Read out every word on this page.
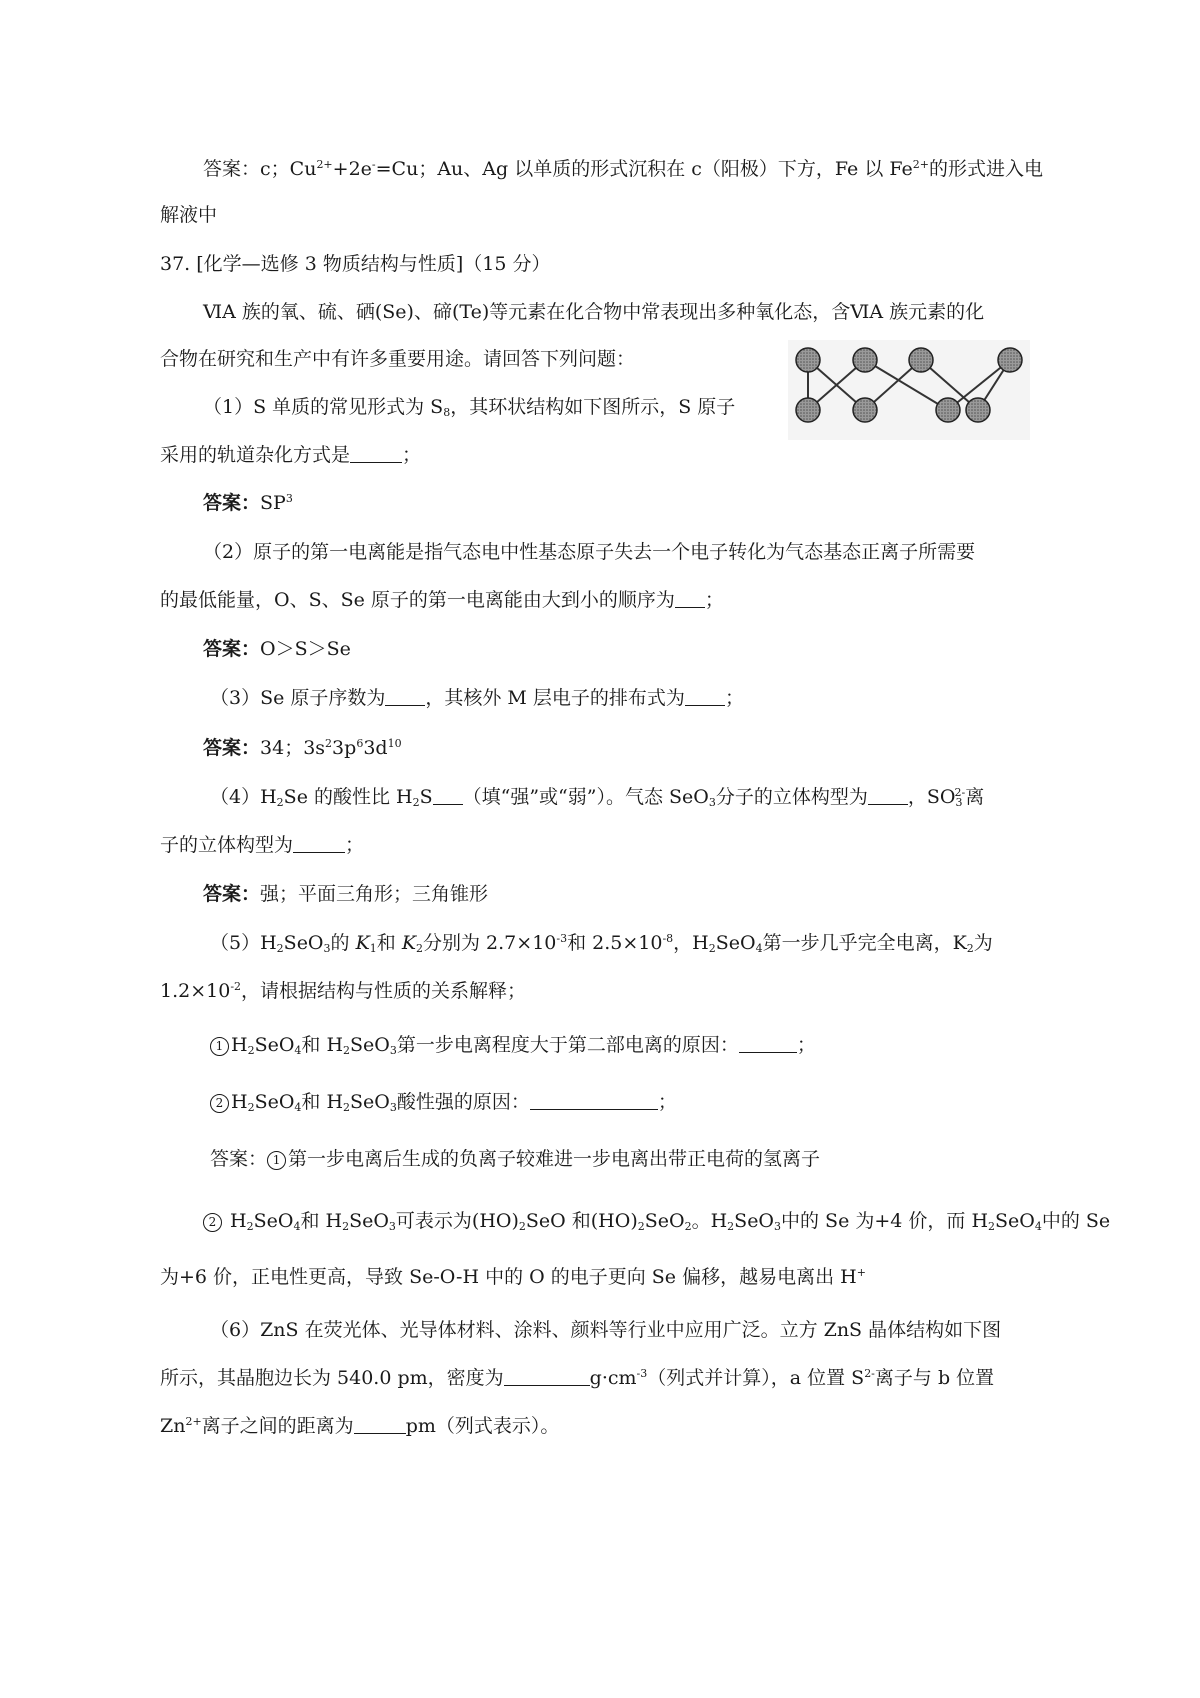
答案：c；$Cu^{2+}+2e^-=Cu$；Au、Ag 以单质的形式沉积在 c（阳极）下方，Fe 以 $Fe^{2+}$的形式进入电
解液中
37. [化学—选修 3 物质结构与性质]（15 分）
ⅥA 族的氧、硫、硒(Se)、碲(Te)等元素在化合物中常表现出多种氧化态，含ⅥA 族元素的化
合物在研究和生产中有许多重要用途。请回答下列问题：
（1）S 单质的常见形式为 $S_8$，其环状结构如下图所示，S 原子
采用的轨道杂化方式是	；
答案：$SP^3$
（2）原子的第一电离能是指气态电中性基态原子失去一个电子转化为气态基态正离子所需要
的最低能量，O、S、Se 原子的第一电离能由大到小的顺序为 ；
答案：O＞S＞Se
（3）Se 原子序数为 ，其核外 M 层电子的排布式为 ；
答案：34；$3s^23p^63d^{10}$
$(4)H_2Se$ 的酸性比 $H_2S$ （填“强”或“弱”）。气态 SeO$_3$分子的立体构型为 ，$SO_3^{2-}$离
子的立体构型为	；
答案：强；平面三角形；三角锥形
$(5)H_2SeO_3$的 $K_1$和 $K_2$分别为 $2.7\times 10^{-3}$和 $2.5\times 10^{-8}$，$H_2SeO_4$第一步几乎完全电离，$K_2$为
$1.2\times 10^{-2}$，请根据结构与性质的关系解释；
1 $H_2SeO_4$和 $H_2SeO_3$第一步电离程度大于第二部电离的原因：	；
2 $H_2SeO_4$和 $H_2SeO_3$酸性强的原因：	；
答案： 1 第一步电离后生成的负离子较难进一步电离出带正电荷的氢离子
2 $H_2SeO_4$和 $H_2SeO_3$可表示为$(HO)_2SeO$ 和$(HO)_2SeO_2$。$H_2SeO_3$中的 Se 为+4 价，而 $H_2SeO_4$中的 Se
为+6 价，正电性更高，导致 Se-O-H 中的 O 的电子更向 Se 偏移，越易电离出 H+
（6）ZnS 在荧光体、光导体材料、涂料、颜料等行业中应用广泛。立方 ZnS 晶体结构如下图
所示，其晶胞边长为 540.0 pm，密度为	$g\cdot cm^{-3}$（列式并计算），a 位置 $S^{2-}$离子与 b 位置
$Zn^{2+}$离子之间的距离为	pm（列式表示）。
